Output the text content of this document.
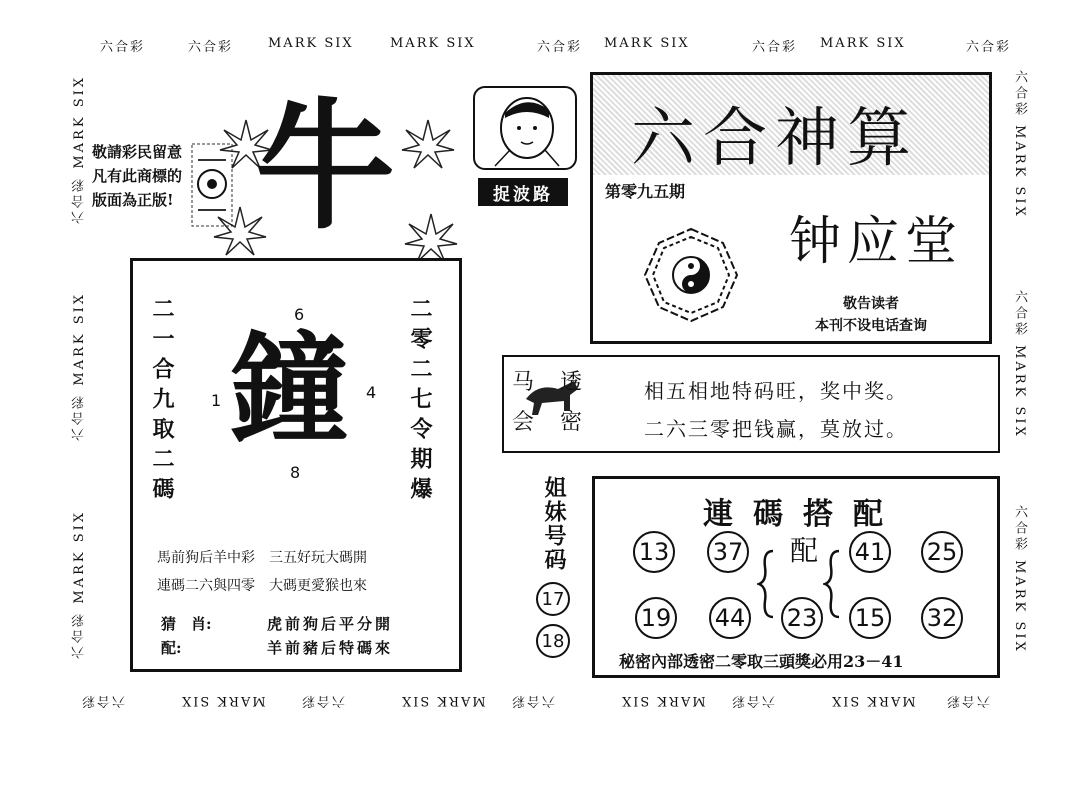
六合彩	六合彩	MARK SIX	MARK SIX	六合彩 MARK SIX	六合彩 MARK SIX	六合彩
六合彩	MARK SIX	六合彩	MARK SIX 六合彩	MARK SIX 六合彩	MARK SIX 六合彩
六合彩 MARK SIX
六合彩 MARK SIX
六合彩 MARK SIX
六合彩 MARK SIX
六合彩 MARK SIX
六合彩 MARK SIX
敬請彩民留意
凡有此商標的
版面為正版! 牛	捉波路
六合神算
第零九五期
钟应堂
敬告读者
本刊不设电话查询
二一合九取二碼	二零二七令期爆
6
1	4
8
鐘
馬前狗后羊中彩　三五好玩大碼開
連碼二六與四零　大碼更愛猴也來
猜　肖:	虎前狗后平分開
配:	羊前豬后特碼來
马　透
会　密
相五相地特码旺，奖中奖。
二六三零把钱赢，莫放过。
姐妹号码
17
18
連碼搭配
13 37 配 41 25
19 44 23 15 32
秘密內部透密二零取三頭獎必用23－41
